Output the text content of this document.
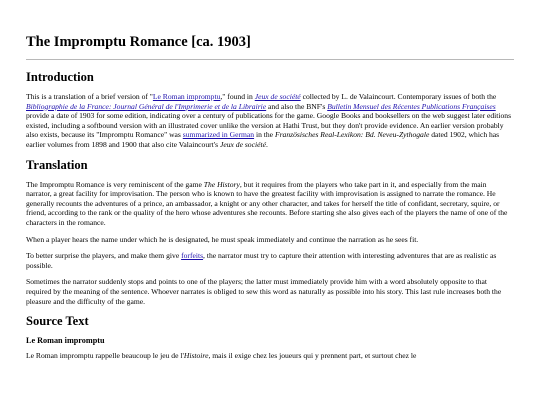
The Impromptu Romance [ca. 1903]
Introduction

This is a translation of a brief version of "Le Roman impromptu," found in Jeux de société collected by L. de Valaincourt. Contemporary issues of both the Bibliographie de la France: Journal Général de l'Imprimerie et de la Librairie and also the BNF's Bulletin Mensuel des Récentes Publications Françaises provide a date of 1903 for some edition, indicating over a century of publications for the game. Google Books and booksellers on the web suggest later editions existed, including a softbound version with an illustrated cover unlike the version at Hathi Trust, but they don't provide evidence. An earlier version probably also exists, because its "Impromptu Romance" was summarized in German in the Französisches Real-Lexikon: Bd. Neveu-Zythogale dated 1902, which has earlier volumes from 1898 and 1900 that also cite Valaincourt's Jeux de société.

Translation

The Impromptu Romance is very reminiscent of the game The History, but it requires from the players who take part in it, and especially from the main narrator, a great facility for improvisation. The person who is known to have the greatest facility with improvisation is assigned to narrate the romance. He generally recounts the adventures of a prince, an ambassador, a knight or any other character, and takes for herself the title of confidant, secretary, squire, or friend, according to the rank or the quality of the hero whose adventures she recounts. Before starting she also gives each of the players the name of one of the characters in the romance.

When a player hears the name under which he is designated, he must speak immediately and continue the narration as he sees fit.

To better surprise the players, and make them give forfeits, the narrator must try to capture their attention with interesting adventures that are as realistic as possible.

Sometimes the narrator suddenly stops and points to one of the players; the latter must immediately provide him with a word absolutely opposite to that required by the meaning of the sentence. Whoever narrates is obliged to sew this word as naturally as possible into his story. This last rule increases both the pleasure and the difficulty of the game.

Source Text
Le Roman impromptu

Le Roman impromptu rappelle beaucoup le jeu de l'Histoire, mais il exige chez les joueurs qui y prennent part, et surtout chez le
